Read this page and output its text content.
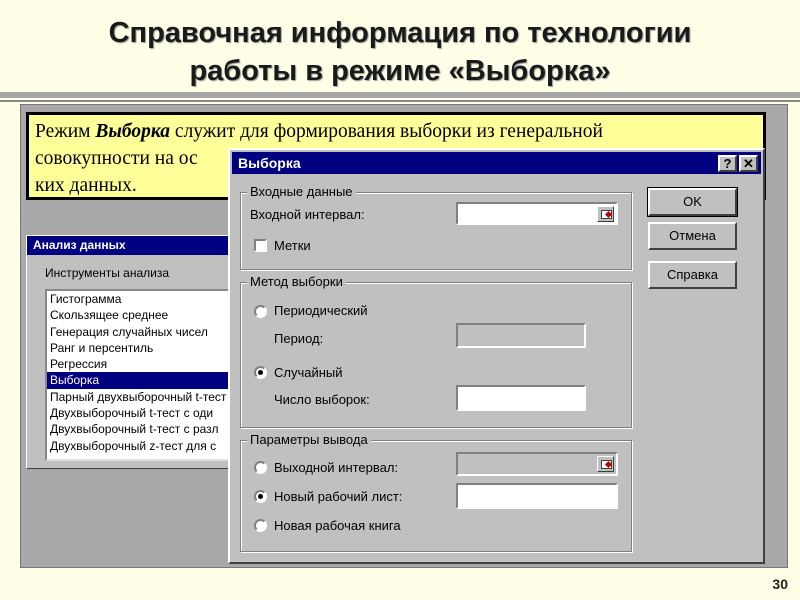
Справочная информация по технологии
работы в режиме «Выборка»
Анализ данных
Инструменты анализа
Гистограмма
Скользящее среднее
Генерация случайных чисел
Ранг и персентиль
Регрессия
Выборка
Парный двухвыборочный t-тест
Двухвыборочный t-тест с оди
Двухвыборочный t-тест с разл
Двухвыборочный z-тест для с
Режим Выборка служит для формирования выборки из генеральной
совокупности на ос
ких данных.
Выборка	? ✕
Входные данные
Входной интервал:
Метки
Метод выборки
Периодический
Период:
Случайный
Число выборок:
Параметры вывода
Выходной интервал:
Новый рабочий лист:
Новая рабочая книга
OK
Отмена
Справка
30
